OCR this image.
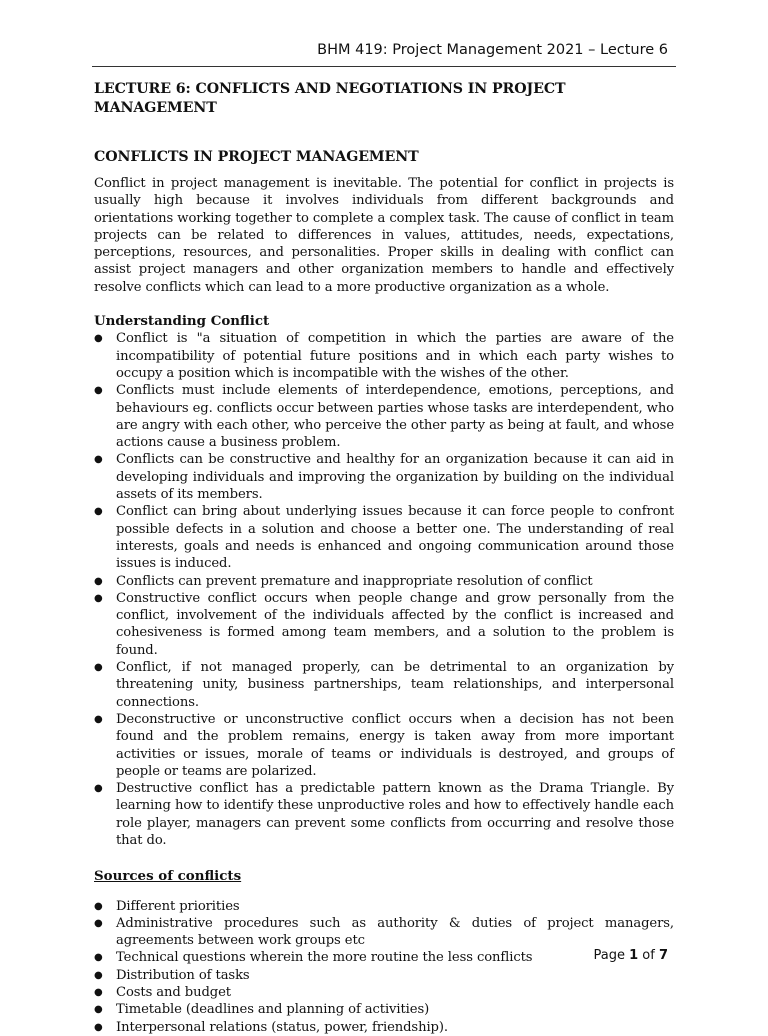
BHM 419: Project Management 2021 – Lecture 6
LECTURE 6: CONFLICTS AND NEGOTIATIONS IN PROJECT MANAGEMENT
CONFLICTS IN PROJECT MANAGEMENT

Conflict in project management is inevitable. The potential for conflict in projects is usually high because it involves individuals from different backgrounds and orientations working together to complete a complex task. The cause of conflict in team projects can be related to differences in values, attitudes, needs, expectations, perceptions, resources, and personalities. Proper skills in dealing with conflict can assist project managers and other organization members to handle and effectively resolve conflicts which can lead to a more productive organization as a whole.

Understanding Conflict
● Conflict is "a situation of competition in which the parties are aware of the incompatibility of potential future positions and in which each party wishes to occupy a position which is incompatible with the wishes of the other.
● Conflicts must include elements of interdependence, emotions, perceptions, and behaviours eg. conflicts occur between parties whose tasks are interdependent, who are angry with each other, who perceive the other party as being at fault, and whose actions cause a business problem.
● Conflicts can be constructive and healthy for an organization because it can aid in developing individuals and improving the organization by building on the individual assets of its members.
● Conflict can bring about underlying issues because it can force people to confront possible defects in a solution and choose a better one. The understanding of real interests, goals and needs is enhanced and ongoing communication around those issues is induced.
● Conflicts can prevent premature and inappropriate resolution of conflict
● Constructive conflict occurs when people change and grow personally from the conflict, involvement of the individuals affected by the conflict is increased and cohesiveness is formed among team members, and a solution to the problem is found.
● Conflict, if not managed properly, can be detrimental to an organization by threatening unity, business partnerships, team relationships, and interpersonal connections.
● Deconstructive or unconstructive conflict occurs when a decision has not been found and the problem remains, energy is taken away from more important activities or issues, morale of teams or individuals is destroyed, and groups of people or teams are polarized.
● Destructive conflict has a predictable pattern known as the Drama Triangle. By learning how to identify these unproductive roles and how to effectively handle each role player, managers can prevent some conflicts from occurring and resolve those that do.
Sources of conflicts
● Different priorities
● Administrative procedures such as authority & duties of project managers, agreements between work groups etc
● Technical questions wherein the more routine the less conflicts
● Distribution of tasks
● Costs and budget
● Timetable (deadlines and planning of activities)
● Interpersonal relations (status, power, friendship).
Page 1 of 7
